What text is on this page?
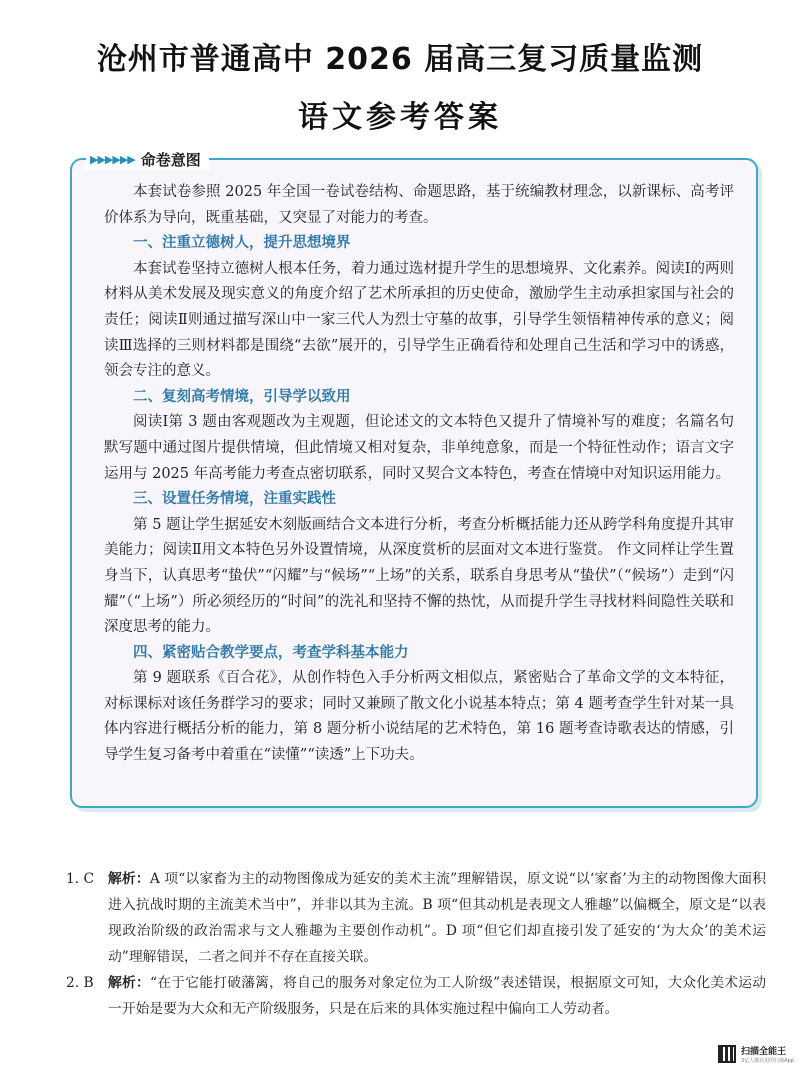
沧州市普通高中 2026 届高三复习质量监测
语文参考答案
▶▶▶▶▶▶ 命卷意图

本套试卷参照 2025 年全国一卷试卷结构、命题思路，基于统编教材理念，以新课标、高考评价体系为导向，既重基础，又突显了对能力的考查。

一、注重立德树人，提升思想境界

本套试卷坚持立德树人根本任务，着力通过选材提升学生的思想境界、文化素养。阅读Ⅰ的两则材料从美术发展及现实意义的角度介绍了艺术所承担的历史使命，激励学生主动承担家国与社会的责任；阅读Ⅱ则通过描写深山中一家三代人为烈士守墓的故事，引导学生领悟精神传承的意义；阅读Ⅲ选择的三则材料都是围绕“去欲”展开的，引导学生正确看待和处理自己生活和学习中的诱惑，领会专注的意义。

二、复刻高考情境，引导学以致用

阅读Ⅰ第 3 题由客观题改为主观题，但论述文的文本特色又提升了情境补写的难度；名篇名句默写题中通过图片提供情境，但此情境又相对复杂，非单纯意象，而是一个特征性动作；语言文字运用与 2025 年高考能力考查点密切联系，同时又契合文本特色，考查在情境中对知识运用能力。

三、设置任务情境，注重实践性

第 5 题让学生据延安木刻版画结合文本进行分析，考查分析概括能力还从跨学科角度提升其审美能力；阅读Ⅱ用文本特色另外设置情境，从深度赏析的层面对文本进行鉴赏。 作文同样让学生置身当下，认真思考“蛰伏”“闪耀”与“候场”“上场”的关系，联系自身思考从“蛰伏”（“候场”）走到“闪耀”（“上场”）所必须经历的“时间”的洗礼和坚持不懈的热忱，从而提升学生寻找材料间隐性关联和深度思考的能力。

四、紧密贴合教学要点，考查学科基本能力

第 9 题联系《百合花》，从创作特色入手分析两文相似点，紧密贴合了革命文学的文本特征，对标课标对该任务群学习的要求；同时又兼顾了散文化小说基本特点；第 4 题考查学生针对某一具体内容进行概括分析的能力，第 8 题分析小说结尾的艺术特色，第 16 题考查诗歌表达的情感，引导学生复习备考中着重在“读懂”“读透”上下功夫。

1. C	解析：A 项“以家畜为主的动物图像成为延安的美术主流”理解错误，原文说“以‘家畜’为主的动物图像大面积进入抗战时期的主流美术当中”，并非以其为主流。B 项“但其动机是表现文人雅趣”以偏概全，原文是“以表现政治阶级的政治需求与文人雅趣为主要创作动机”。D 项“但它们却直接引发了延安的‘为大众’的美术运动”理解错误，二者之间并不存在直接关联。
2. B	解析：“在于它能打破藩篱，将自己的服务对象定位为工人阶级”表述错误，根据原文可知，大众化美术运动一开始是要为大众和无产阶级服务，只是在后来的具体实施过程中偏向工人劳动者。
扫描全能王
3亿人都在用的扫描App
